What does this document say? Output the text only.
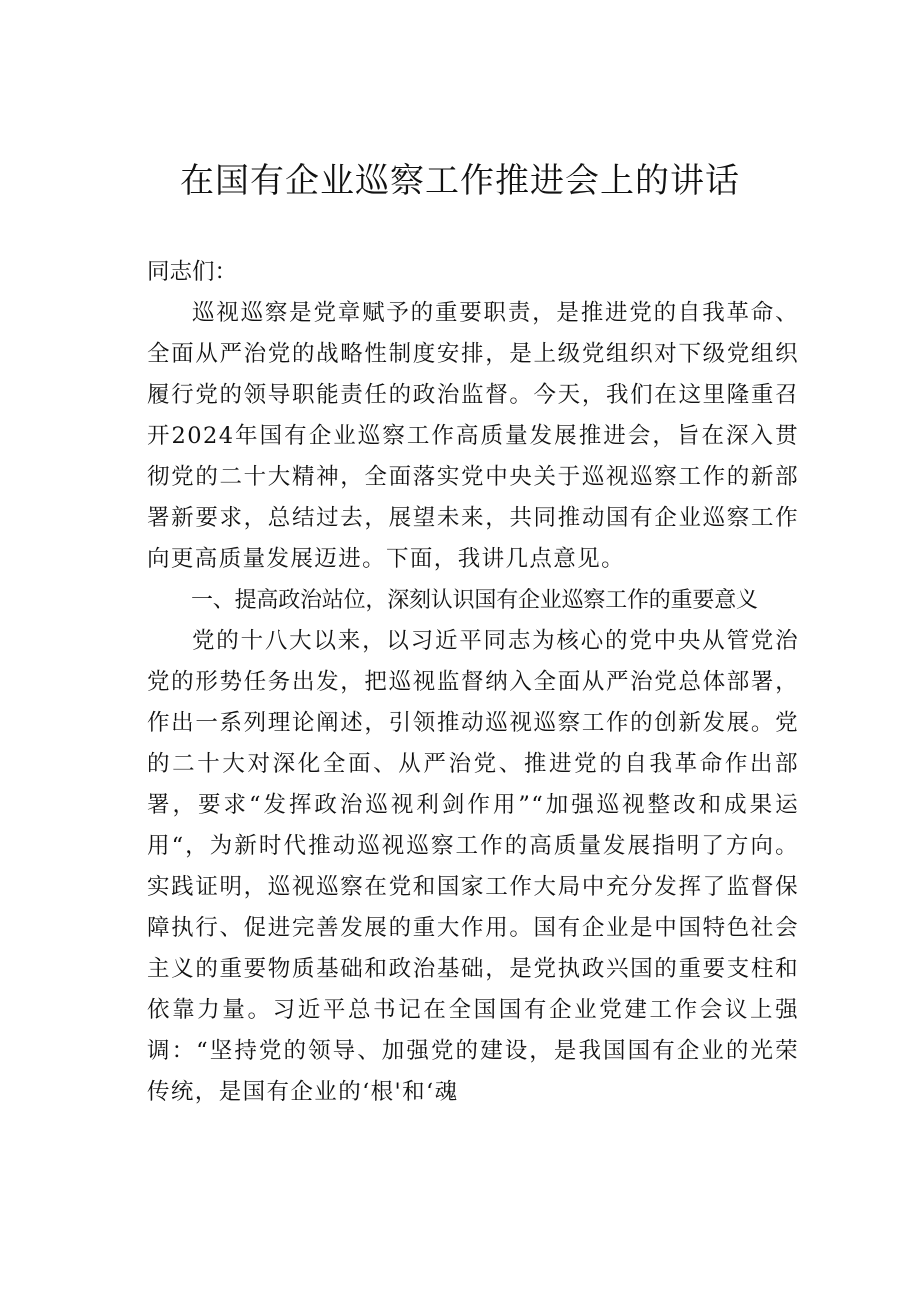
在国有企业巡察工作推进会上的讲话

同志们：

巡视巡察是党章赋予的重要职责，是推进党的自我革命、全面从严治党的战略性制度安排，是上级党组织对下级党组织履行党的领导职能责任的政治监督。今天，我们在这里隆重召开2024年国有企业巡察工作高质量发展推进会，旨在深入贯彻党的二十大精神，全面落实党中央关于巡视巡察工作的新部署新要求，总结过去，展望未来，共同推动国有企业巡察工作向更高质量发展迈进。下面，我讲几点意见。

一、提高政治站位，深刻认识国有企业巡察工作的重要意义

党的十八大以来，以习近平同志为核心的党中央从管党治党的形势任务出发，把巡视监督纳入全面从严治党总体部署，作出一系列理论阐述，引领推动巡视巡察工作的创新发展。党的二十大对深化全面、从严治党、推进党的自我革命作出部署，要求“发挥政治巡视利剑作用”“加强巡视整改和成果运用“，为新时代推动巡视巡察工作的高质量发展指明了方向。实践证明，巡视巡察在党和国家工作大局中充分发挥了监督保障执行、促进完善发展的重大作用。国有企业是中国特色社会主义的重要物质基础和政治基础，是党执政兴国的重要支柱和依靠力量。习近平总书记在全国国有企业党建工作会议上强调：“坚持党的领导、加强党的建设，是我国国有企业的光荣传统，是国有企业的‘根'和‘魂
